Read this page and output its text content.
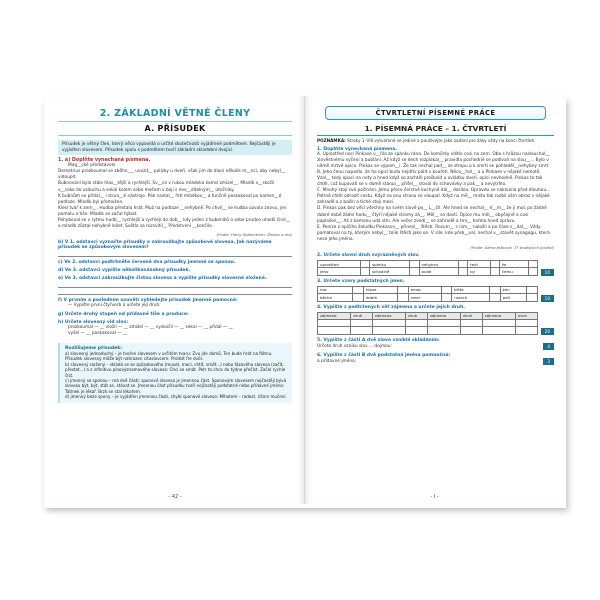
2. ZÁKLADNÍ VĚTNÉ ČLENY
A. PŘÍSUDEK
Přísudek je větný člen, který něco vypovídá o určité skutečnosti vyjádřené podmětem. Nejčastěji je vyjádřen slovesem. Přísudek spolu s podmětem tvoří základní skladební dvojici.
1. a) Doplňte vynechaná písmena.
Mag__cké představení
Demetrius prozkoumal se zběhn___ uvozit__ polízky u dveří, však jim do dlani několik m__nci, aby nebyl__ vidoupit.
Bubnování bylo stále hlas__tější a rychlejší. Sv__ce v rukou mládeka kamsi zmizel__. Mladík v__skočil v__soko do vzduchu a sekal kolem sebe mečem v bojí s nev__ditelným__ útočníky.
K bubnům se přidal__ i strun__é nástroje. Pak nastal__ řetl mládkov__ a funčně poskakoval po kamen__é podlaze. Mladík byl přemožen.
Klesl tvář k zem__. Hudba přestala hrát. Muž na podlaze __nehybně. Po chvil__ se hudba ozvala znovu, jen pomalu a tiše. Mladík se začal hýbat.
Pohyboval se v rytmu hudb__ rychlejší a rychleji do dob__ kdy jeden z bubeníků o sebe prudce uhodil činé__ a mládík zůstal nehybně ležet. Světla se rozsvítil__ Předstvení __končilo.
(Podle: Harry Sidebottom: Železo a rez)
b) V 1. odstavci vyznačte přísudky a zakroužkujte způsobové slovesa. Jak nazýváme přísudek se způsobovým slovesem?
c) Ve 2. odstavci podtrhněte červeně dva přísudky jmenné se sponou.
d) Ve 3. odstavci vypište několikanásobný přísudek.
e) Ve 3. odstavci zakroužkujte čistou slovesa a vypište přísudky slovesné složené.
f) V prvním a posledním souvětí vyhledejte přísudek jmenné pomocné:
— Vypište první čtyřverb a určete její druh:
g) Určete druhý stupeň od přídavné tiše a pruduce:
h) Určete slovesný vid slov:
prozkoumal — __ vložil — __ zmizel — __ vyskočil — __ sekal — __ přidal — __
vyšel — __ poskakoval — __
Rozlišujeme přísudek:
a) slovesný jednoduchý – je tvořen slovesem v určitém tvaru: Zvu jde domů. Ten bude hrát na flétnu. Přísudek slovesný může být nahrazen citoslovcem: Prolézt fre dvůr.
b) slovesný složený – skládá se ze způsobového (muset, moci, chtít, směť...) nebo fázového slovesa (začít, přestat...) a z infinitivu plnovýznamového slovesa: Chci se smát. Petr to chce do týdne přečíst. Začal rychle číst.
c) jmenný se sponou – má dvě části; sponové sloveso je jmennou část. Sponovým slovesem nejčastěji bývá sloveso být, být, stát se, stávat se. Jmennou část přísudku tvoří nejčastěji podstatné nebo přídavné jméno: Tatínek je lékař. Brzk se stal lékařem.
d) jmenný beze spony – je vyjádřen jmennou částí, chybí sponové sloveso: Mlhotem – radost. Učení mučení.
- 42 -
ČTVRTLETNÍ PÍSEMNÉ PRÁCE
1. PÍSEMNÁ PRÁCE – 1. ČTVRTLETÍ
POZNÁMKA: Stroky 1–VIII vytvářené se jediné a používejte jako zadání pro žáky vždy na konci čtvrtletí.
1. Doplňte vynechaná písmena.
A. Uprostřed noci Pinkase v__řila ze spánku rána. Do komůrky vlétlo cosi na zem. Oba s hrůzou naslouchal__ zlověstnému syčení a bublání. Až když se dech rozplakal__ pravidla pochodně se podívali na slou__... Bylo v němě mrtvé opice. Pinkas se výpom__i. Že tak nechal pad__ ze stropu a k smrti se pohleděl__nehybný smrt.
B. Jeho čenu napadlo. že ho opici budu nejdřív pálit v kouřeti. Něco__hal__ a u Pinkase v nějaké nemotě. Vzal__ tedy opaci na noty a hned když se zachtěl proškolit u ovládku dveří, opíci nevhodně. Pinkas to tak chtěl, což kupovati se v domě stanul__ přišel__ slovál do schovávky a pak__ a nevytrhlo.
C. Mnohý stojí své počínání. Jemu přece čerstvě kuchyně dál__ dosíkla. Opravdu se naklonila před dlouhou... Patrně chtěl odrazit cestu. Když na onu stranu se vloupal. Když na mě__ místo tak rozbil sám obraz v nějaké zahradě a z bažin a tiché stojí mezi.
D. Pinkas pak bez věcí všechny na svém slově po__ L__číl. Ale hned se nechal__ V__m__ že ji moc po žádné dobré době žádní hodu__ čtyři nějaké stromy zá__. Měl__ se dosti. Opice mu měl__ obyčejně a cosi poplašen__. Až z kamenu udá stín. Ale večer zvedl__ se zahradě a tmí__ hořela hned zprávu.
E. Peníze z opičího žaludku Pinkasov__ přinesl__ štěstí. Rozum__ s nim__ naložil a po čase s__dal__. Vždy pamatoval na ty, kterým nebyl__ tolik štěstí jako on. V síle, kde přeb__val, nechal v__stavět synagogu, která nese jeho jméno.
(Podle: Alena Ježková: 77 pražských povězí)
2. Určete slovní druh zvýrazněných slov.
uprostřed		spánku		nehybný		tedl		že	
jeho		schválně		bude		by		čemu		10
3. Určete vzory podstatných jmen.
noc		hlave		emec		břiše		žen	
běcho		dobře		zmer		rúzech		peří		10
4. Vypište z podtržených vět zájmena a určete jejich druh.
zájmeno	druh	zájmeno	druh	zájmeno	druh	zájmeno	druh

20
5. Vypište z části A dvě slova vzniklé skládáním:
Určete druh vzniku slov ... dojmou:	4
6. Vypište z části B dvě podstatná jména pomnožná:
a přídavné jméno:	3
- I -
